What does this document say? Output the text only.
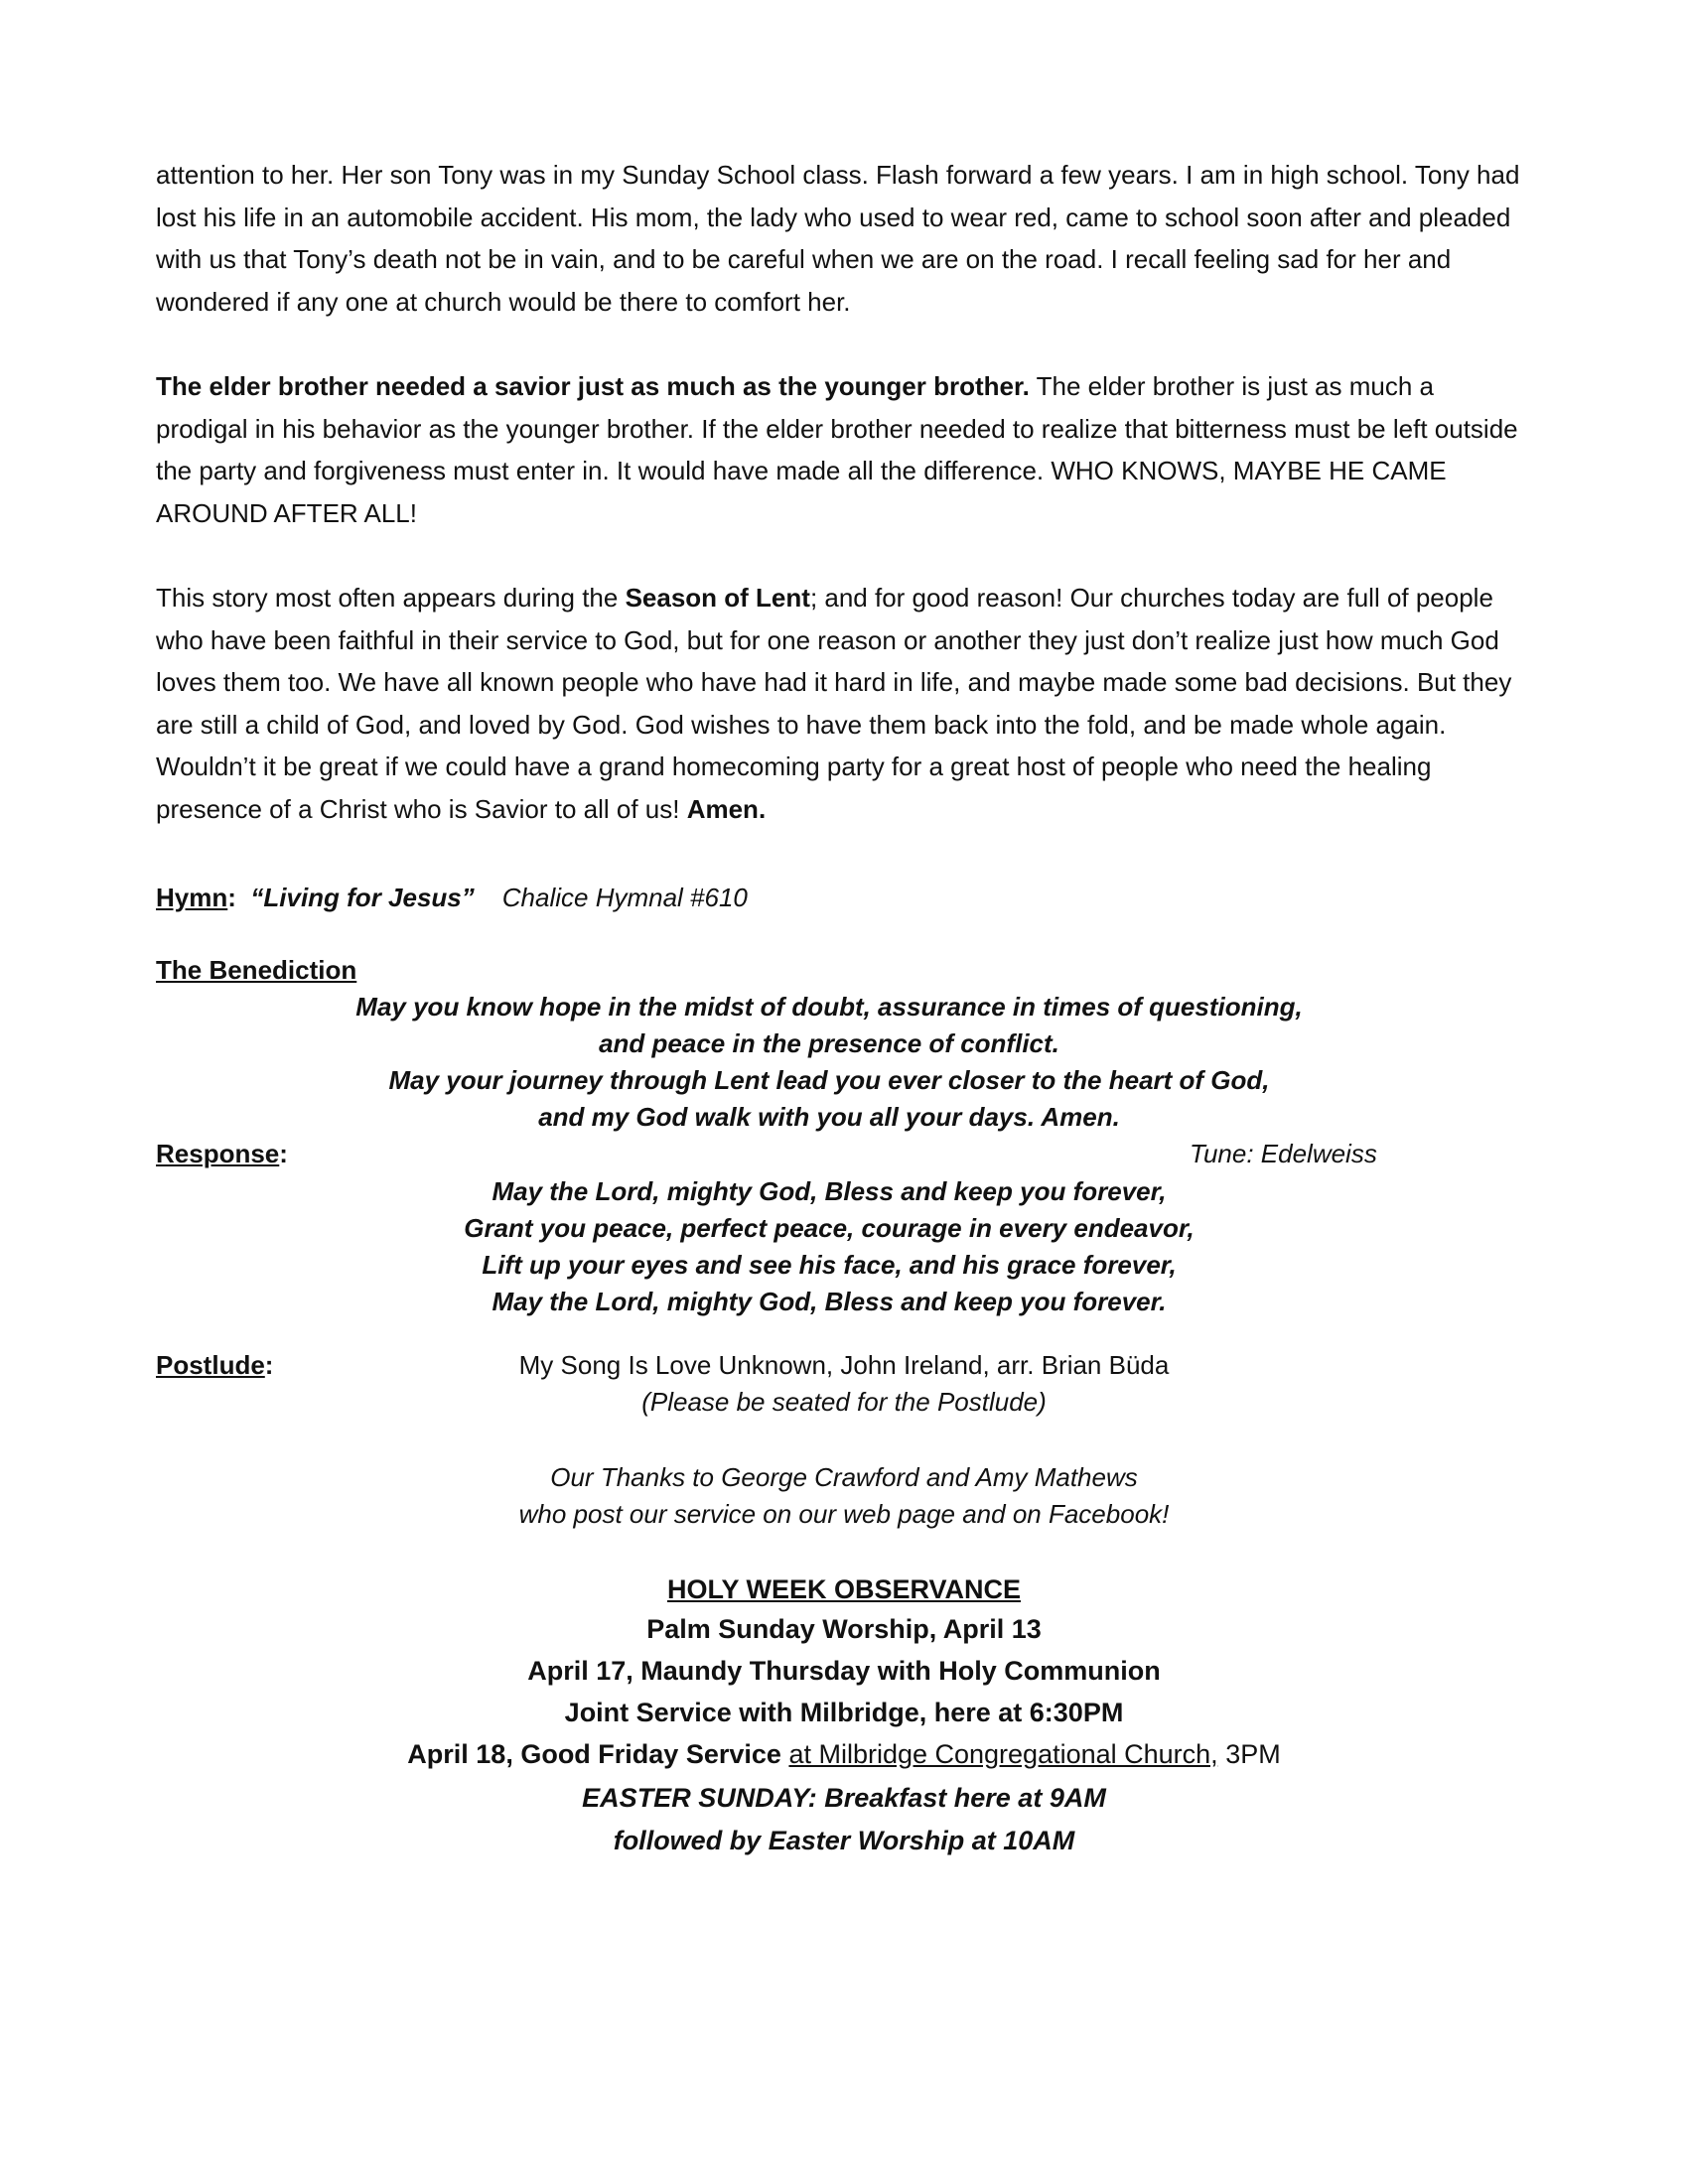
attention to her. Her son Tony was in my Sunday School class. Flash forward a few years. I am in high school. Tony had lost his life in an automobile accident. His mom, the lady who used to wear red, came to school soon after and pleaded with us that Tony’s death not be in vain, and to be careful when we are on the road. I recall feeling sad for her and wondered if any one at church would be there to comfort her.

The elder brother needed a savior just as much as the younger brother. The elder brother is just as much a prodigal in his behavior as the younger brother. If the elder brother needed to realize that bitterness must be left outside the party and forgiveness must enter in. It would have made all the difference. WHO KNOWS, MAYBE HE CAME AROUND AFTER ALL!

This story most often appears during the Season of Lent; and for good reason! Our churches today are full of people who have been faithful in their service to God, but for one reason or another they just don’t realize just how much God loves them too. We have all known people who have had it hard in life, and maybe made some bad decisions. But they are still a child of God, and loved by God. God wishes to have them back into the fold, and be made whole again. Wouldn’t it be great if we could have a grand homecoming party for a great host of people who need the healing presence of a Christ who is Savior to all of us! Amen.

Hymn: “Living for Jesus” Chalice Hymnal #610
The Benediction
May you know hope in the midst of doubt, assurance in times of questioning,
and peace in the presence of conflict.
May your journey through Lent lead you ever closer to the heart of God,
and my God walk with you all your days. Amen.
Response:	Tune: Edelweiss
May the Lord, mighty God, Bless and keep you forever,
Grant you peace, perfect peace, courage in every endeavor,
Lift up your eyes and see his face, and his grace forever,
May the Lord, mighty God, Bless and keep you forever.
Postlude:	My Song Is Love Unknown, John Ireland, arr. Brian Büda
(Please be seated for the Postlude)
Our Thanks to George Crawford and Amy Mathews
who post our service on our web page and on Facebook!
HOLY WEEK OBSERVANCE
Palm Sunday Worship, April 13
April 17, Maundy Thursday with Holy Communion
Joint Service with Milbridge, here at 6:30PM
April 18, Good Friday Service at Milbridge Congregational Church, 3PM
EASTER SUNDAY: Breakfast here at 9AM
followed by Easter Worship at 10AM
